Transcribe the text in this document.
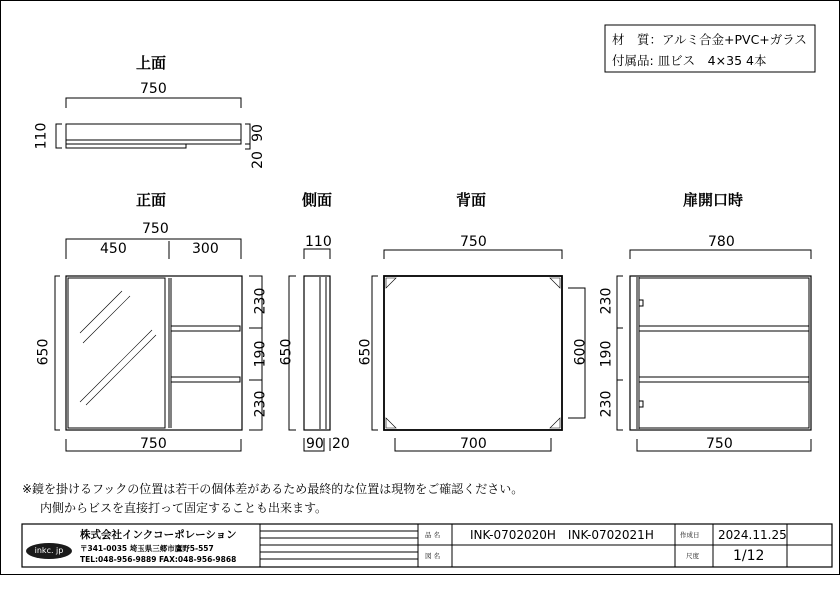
材　質：アルミ合金+PVC+ガラス
付属品: 皿ビス　4×35 4本
上面
正面	側面	背面	扉開口時
750
110	90
20
750
450	300
650
230
190
230
750
110
650
90 20
750
650	600
700
780
230
190
230
750
※鏡を掛けるフックの位置は若干の個体差があるため最終的な位置は現物をご確認ください。
内側からビスを直接打って固定することも出来ます。
inkc. jp
株式会社インクコーポレーション
〒341-0035 埼玉県三郷市鷹野5-557
TEL:048-956-9889 FAX:048-956-9868
品 名 INK-0702020H　INK-0702021H
図 名
作成日 2024.11.25
尺度 1/12
